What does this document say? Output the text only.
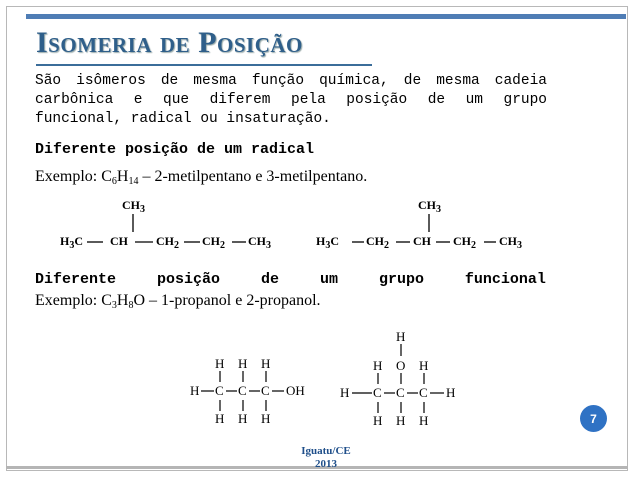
Isomeria de Posição
São isômeros de mesma função química, de mesma cadeia carbônica e que diferem pela posição de um grupo funcional, radical ou insaturação.
Diferente posição de um radical
Exemplo: $C_6H_{14}$ – 2-metilpentano e 3-metilpentano.
$CH_3$
$H_3C$ CH $CH_2$ $CH_2$ $CH_3$
$CH_3$
$H_3C$ $CH_2$ CH $CH_2$ $CH_3$
Diferente	posição	de	um	grupo	funcional
Exemplo: $C_3H_8O$ – 1-propanol e 2-propanol.
H H H
H C C C OH
H H H
H
H O H
H C C C H
H H H	7
Iguatu/CE
2013
